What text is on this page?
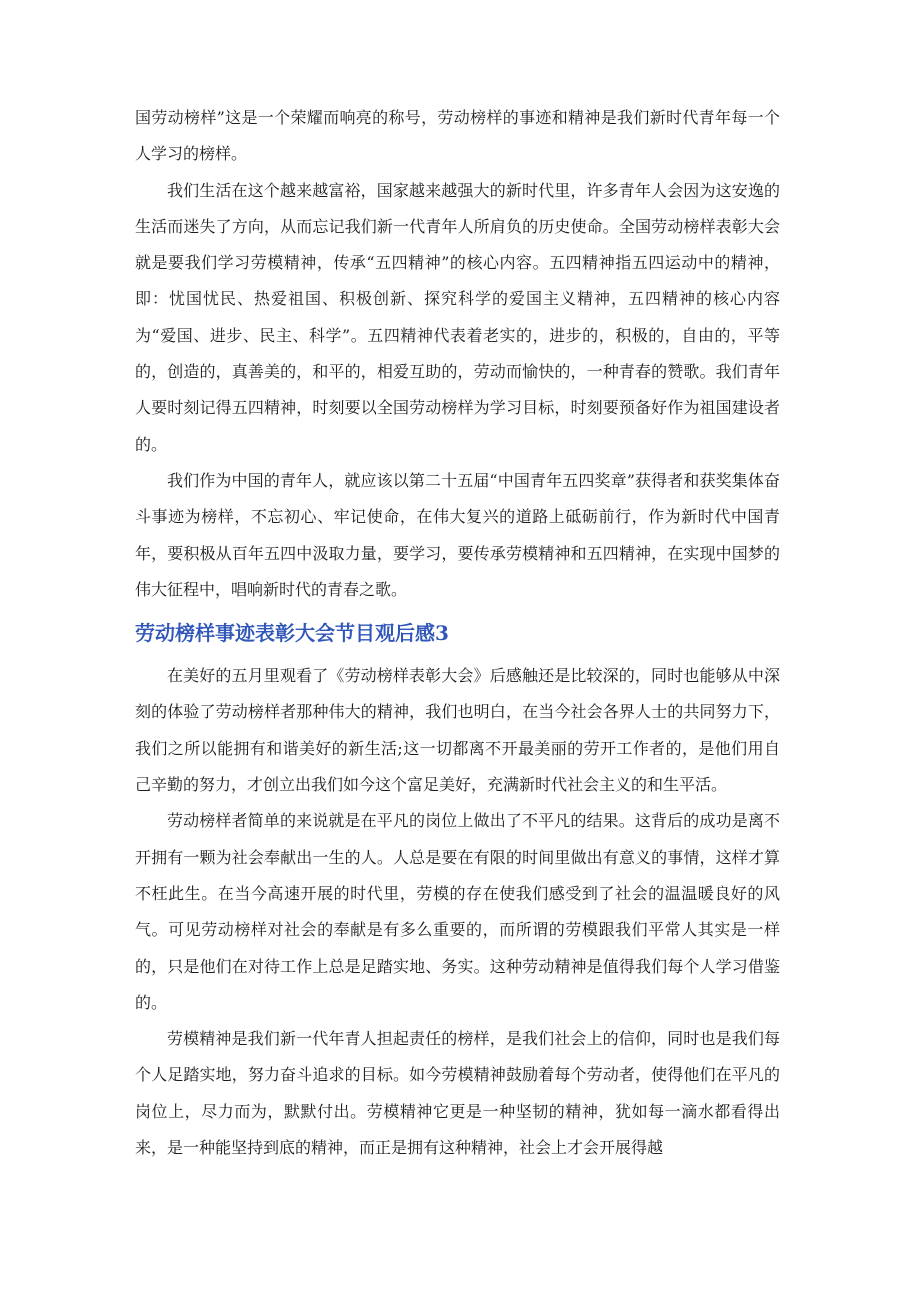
国劳动榜样”这是一个荣耀而响亮的称号，劳动榜样的事迹和精神是我们新时代青年每一个人学习的榜样。

我们生活在这个越来越富裕，国家越来越强大的新时代里，许多青年人会因为这安逸的生活而迷失了方向，从而忘记我们新一代青年人所肩负的历史使命。全国劳动榜样表彰大会就是要我们学习劳模精神，传承“五四精神”的核心内容。五四精神指五四运动中的精神，即：忧国忧民、热爱祖国、积极创新、探究科学的爱国主义精神，五四精神的核心内容为“爱国、进步、民主、科学”。五四精神代表着老实的，进步的，积极的，自由的，平等的，创造的，真善美的，和平的，相爱互助的，劳动而愉快的，一种青春的赞歌。我们青年人要时刻记得五四精神，时刻要以全国劳动榜样为学习目标，时刻要预备好作为祖国建设者的。

我们作为中国的青年人，就应该以第二十五届“中国青年五四奖章”获得者和获奖集体奋斗事迹为榜样，不忘初心、牢记使命，在伟大复兴的道路上砥砺前行，作为新时代中国青年，要积极从百年五四中汲取力量，要学习，要传承劳模精神和五四精神，在实现中国梦的伟大征程中，唱响新时代的青春之歌。

劳动榜样事迹表彰大会节目观后感3

在美好的五月里观看了《劳动榜样表彰大会》后感触还是比较深的，同时也能够从中深刻的体验了劳动榜样者那种伟大的精神，我们也明白，在当今社会各界人士的共同努力下，我们之所以能拥有和谐美好的新生活;这一切都离不开最美丽的劳开工作者的，是他们用自己辛勤的努力，才创立出我们如今这个富足美好，充满新时代社会主义的和生平活。

劳动榜样者简单的来说就是在平凡的岗位上做出了不平凡的结果。这背后的成功是离不开拥有一颗为社会奉献出一生的人。人总是要在有限的时间里做出有意义的事情，这样才算不枉此生。在当今高速开展的时代里，劳模的存在使我们感受到了社会的温温暖良好的风气。可见劳动榜样对社会的奉献是有多么重要的，而所谓的劳模跟我们平常人其实是一样的，只是他们在对待工作上总是足踏实地、务实。这种劳动精神是值得我们每个人学习借鉴的。

劳模精神是我们新一代年青人担起责任的榜样，是我们社会上的信仰，同时也是我们每个人足踏实地，努力奋斗追求的目标。如今劳模精神鼓励着每个劳动者，使得他们在平凡的岗位上，尽力而为，默默付出。劳模精神它更是一种坚韧的精神，犹如每一滴水都看得出来，是一种能坚持到底的精神，而正是拥有这种精神，社会上才会开展得越
